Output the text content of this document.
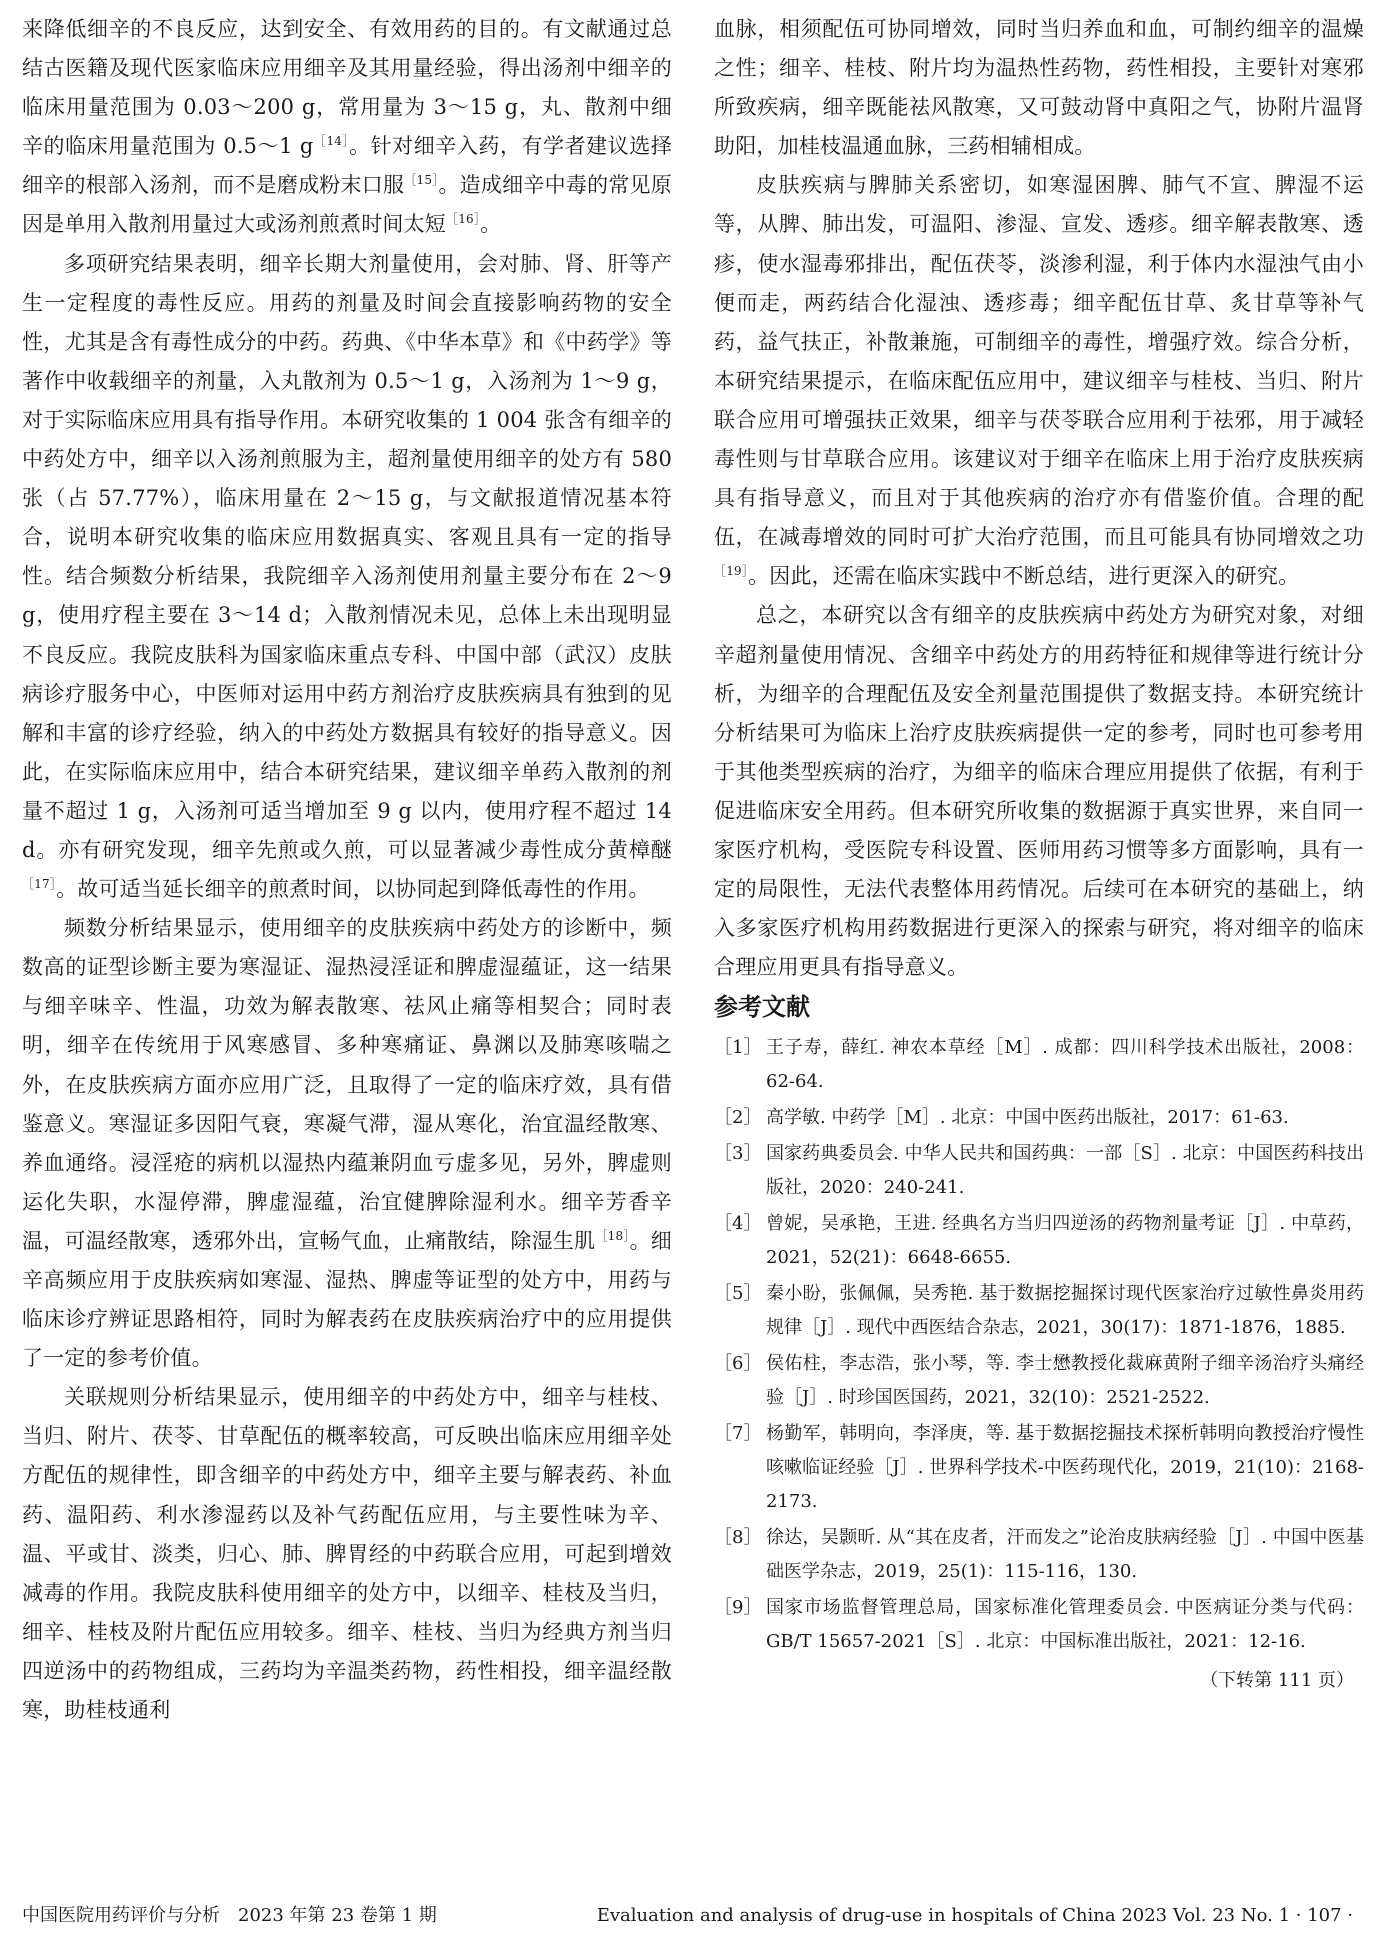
来降低细辛的不良反应，达到安全、有效用药的目的。有文献通过总结古医籍及现代医家临床应用细辛及其用量经验，得出汤剂中细辛的临床用量范围为 0.03～200 g，常用量为 3～15 g，丸、散剂中细辛的临床用量范围为 0.5～1 $g^{[14]}$。针对细辛入药，有学者建议选择细辛的根部入汤剂，而不是磨成粉末口服$^{[15]}$。造成细辛中毒的常见原因是单用入散剂用量过大或汤剂煎煮时间太短$^{[16]}$。

多项研究结果表明，细辛长期大剂量使用，会对肺、肾、肝等产生一定程度的毒性反应。用药的剂量及时间会直接影响药物的安全性，尤其是含有毒性成分的中药。药典、《中华本草》和《中药学》等著作中收载细辛的剂量，入丸散剂为 0.5～1 g，入汤剂为 1～9 g，对于实际临床应用具有指导作用。本研究收集的 1 004 张含有细辛的中药处方中，细辛以入汤剂煎服为主，超剂量使用细辛的处方有 580 张（占 57.77%），临床用量在 2～15 g，与文献报道情况基本符合，说明本研究收集的临床应用数据真实、客观且具有一定的指导性。结合频数分析结果，我院细辛入汤剂使用剂量主要分布在 2～9 g，使用疗程主要在 3～14 d；入散剂情况未见，总体上未出现明显不良反应。我院皮肤科为国家临床重点专科、中国中部（武汉）皮肤病诊疗服务中心，中医师对运用中药方剂治疗皮肤疾病具有独到的见解和丰富的诊疗经验，纳入的中药处方数据具有较好的指导意义。因此，在实际临床应用中，结合本研究结果，建议细辛单药入散剂的剂量不超过 1 g，入汤剂可适当增加至 9 g 以内，使用疗程不超过 14 d。亦有研究发现，细辛先煎或久煎，可以显著减少毒性成分黄樟醚$^{[17]}$。故可适当延长细辛的煎煮时间，以协同起到降低毒性的作用。

频数分析结果显示，使用细辛的皮肤疾病中药处方的诊断中，频数高的证型诊断主要为寒湿证、湿热浸淫证和脾虚湿蕴证，这一结果与细辛味辛、性温，功效为解表散寒、祛风止痛等相契合；同时表明，细辛在传统用于风寒感冒、多种寒痛证、鼻渊以及肺寒咳喘之外，在皮肤疾病方面亦应用广泛，且取得了一定的临床疗效，具有借鉴意义。寒湿证多因阳气衰，寒凝气滞，湿从寒化，治宜温经散寒、养血通络。浸淫疮的病机以湿热内蕴兼阴血亏虚多见，另外，脾虚则运化失职，水湿停滞，脾虚湿蕴，治宜健脾除湿利水。细辛芳香辛温，可温经散寒，透邪外出，宣畅气血，止痛散结，除湿生肌$^{[18]}$。细辛高频应用于皮肤疾病如寒湿、湿热、脾虚等证型的处方中，用药与临床诊疗辨证思路相符，同时为解表药在皮肤疾病治疗中的应用提供了一定的参考价值。

关联规则分析结果显示，使用细辛的中药处方中，细辛与桂枝、当归、附片、茯苓、甘草配伍的概率较高，可反映出临床应用细辛处方配伍的规律性，即含细辛的中药处方中，细辛主要与解表药、补血药、温阳药、利水渗湿药以及补气药配伍应用，与主要性味为辛、温、平或甘、淡类，归心、肺、脾胃经的中药联合应用，可起到增效减毒的作用。我院皮肤科使用细辛的处方中，以细辛、桂枝及当归，细辛、桂枝及附片配伍应用较多。细辛、桂枝、当归为经典方剂当归四逆汤中的药物组成，三药均为辛温类药物，药性相投，细辛温经散寒，助桂枝通利

血脉，相须配伍可协同增效，同时当归养血和血，可制约细辛的温燥之性；细辛、桂枝、附片均为温热性药物，药性相投，主要针对寒邪所致疾病，细辛既能祛风散寒，又可鼓动肾中真阳之气，协附片温肾助阳，加桂枝温通血脉，三药相辅相成。

皮肤疾病与脾肺关系密切，如寒湿困脾、肺气不宣、脾湿不运等，从脾、肺出发，可温阳、渗湿、宣发、透疹。细辛解表散寒、透疹，使水湿毒邪排出，配伍茯苓，淡渗利湿，利于体内水湿浊气由小便而走，两药结合化湿浊、透疹毒；细辛配伍甘草、炙甘草等补气药，益气扶正，补散兼施，可制细辛的毒性，增强疗效。综合分析，本研究结果提示，在临床配伍应用中，建议细辛与桂枝、当归、附片联合应用可增强扶正效果，细辛与茯苓联合应用利于祛邪，用于减轻毒性则与甘草联合应用。该建议对于细辛在临床上用于治疗皮肤疾病具有指导意义，而且对于其他疾病的治疗亦有借鉴价值。合理的配伍，在减毒增效的同时可扩大治疗范围，而且可能具有协同增效之功$^{[19]}$。因此，还需在临床实践中不断总结，进行更深入的研究。

总之，本研究以含有细辛的皮肤疾病中药处方为研究对象，对细辛超剂量使用情况、含细辛中药处方的用药特征和规律等进行统计分析，为细辛的合理配伍及安全剂量范围提供了数据支持。本研究统计分析结果可为临床上治疗皮肤疾病提供一定的参考，同时也可参考用于其他类型疾病的治疗，为细辛的临床合理应用提供了依据，有利于促进临床安全用药。但本研究所收集的数据源于真实世界，来自同一家医疗机构，受医院专科设置、医师用药习惯等多方面影响，具有一定的局限性，无法代表整体用药情况。后续可在本研究的基础上，纳入多家医疗机构用药数据进行更深入的探索与研究，将对细辛的临床合理应用更具有指导意义。

参考文献
［1］ 王子寿，薛红. 神农本草经［M］. 成都：四川科学技术出版社，2008：62-64.
［2］ 高学敏. 中药学［M］. 北京：中国中医药出版社，2017：61-63.
［3］ 国家药典委员会. 中华人民共和国药典：一部［S］. 北京：中国医药科技出版社，2020：240-241.
［4］ 曾妮，吴承艳，王进. 经典名方当归四逆汤的药物剂量考证［J］. 中草药，2021，52(21)：6648-6655.
［5］ 秦小盼，张佩佩，吴秀艳. 基于数据挖掘探讨现代医家治疗过敏性鼻炎用药规律［J］. 现代中西医结合杂志，2021，30(17)：1871-1876，1885.
［6］ 侯佑柱，李志浩，张小琴，等. 李士懋教授化裁麻黄附子细辛汤治疗头痛经验［J］. 时珍国医国药，2021，32(10)：2521-2522.
［7］ 杨勤军，韩明向，李泽庚，等. 基于数据挖掘技术探析韩明向教授治疗慢性咳嗽临证经验［J］. 世界科学技术-中医药现代化，2019，21(10)：2168-2173.
［8］ 徐达，吴颢昕. 从“其在皮者，汗而发之”论治皮肤病经验［J］. 中国中医基础医学杂志，2019，25(1)：115-116，130.
［9］ 国家市场监督管理总局，国家标准化管理委员会. 中医病证分类与代码：GB/T 15657-2021［S］. 北京：中国标准出版社，2021：12-16.
（下转第 111 页）
中国医院用药评价与分析　2023 年第 23 卷第 1 期	Evaluation and analysis of drug-use in hospitals of China 2023 Vol. 23 No. 1 · 107 ·
